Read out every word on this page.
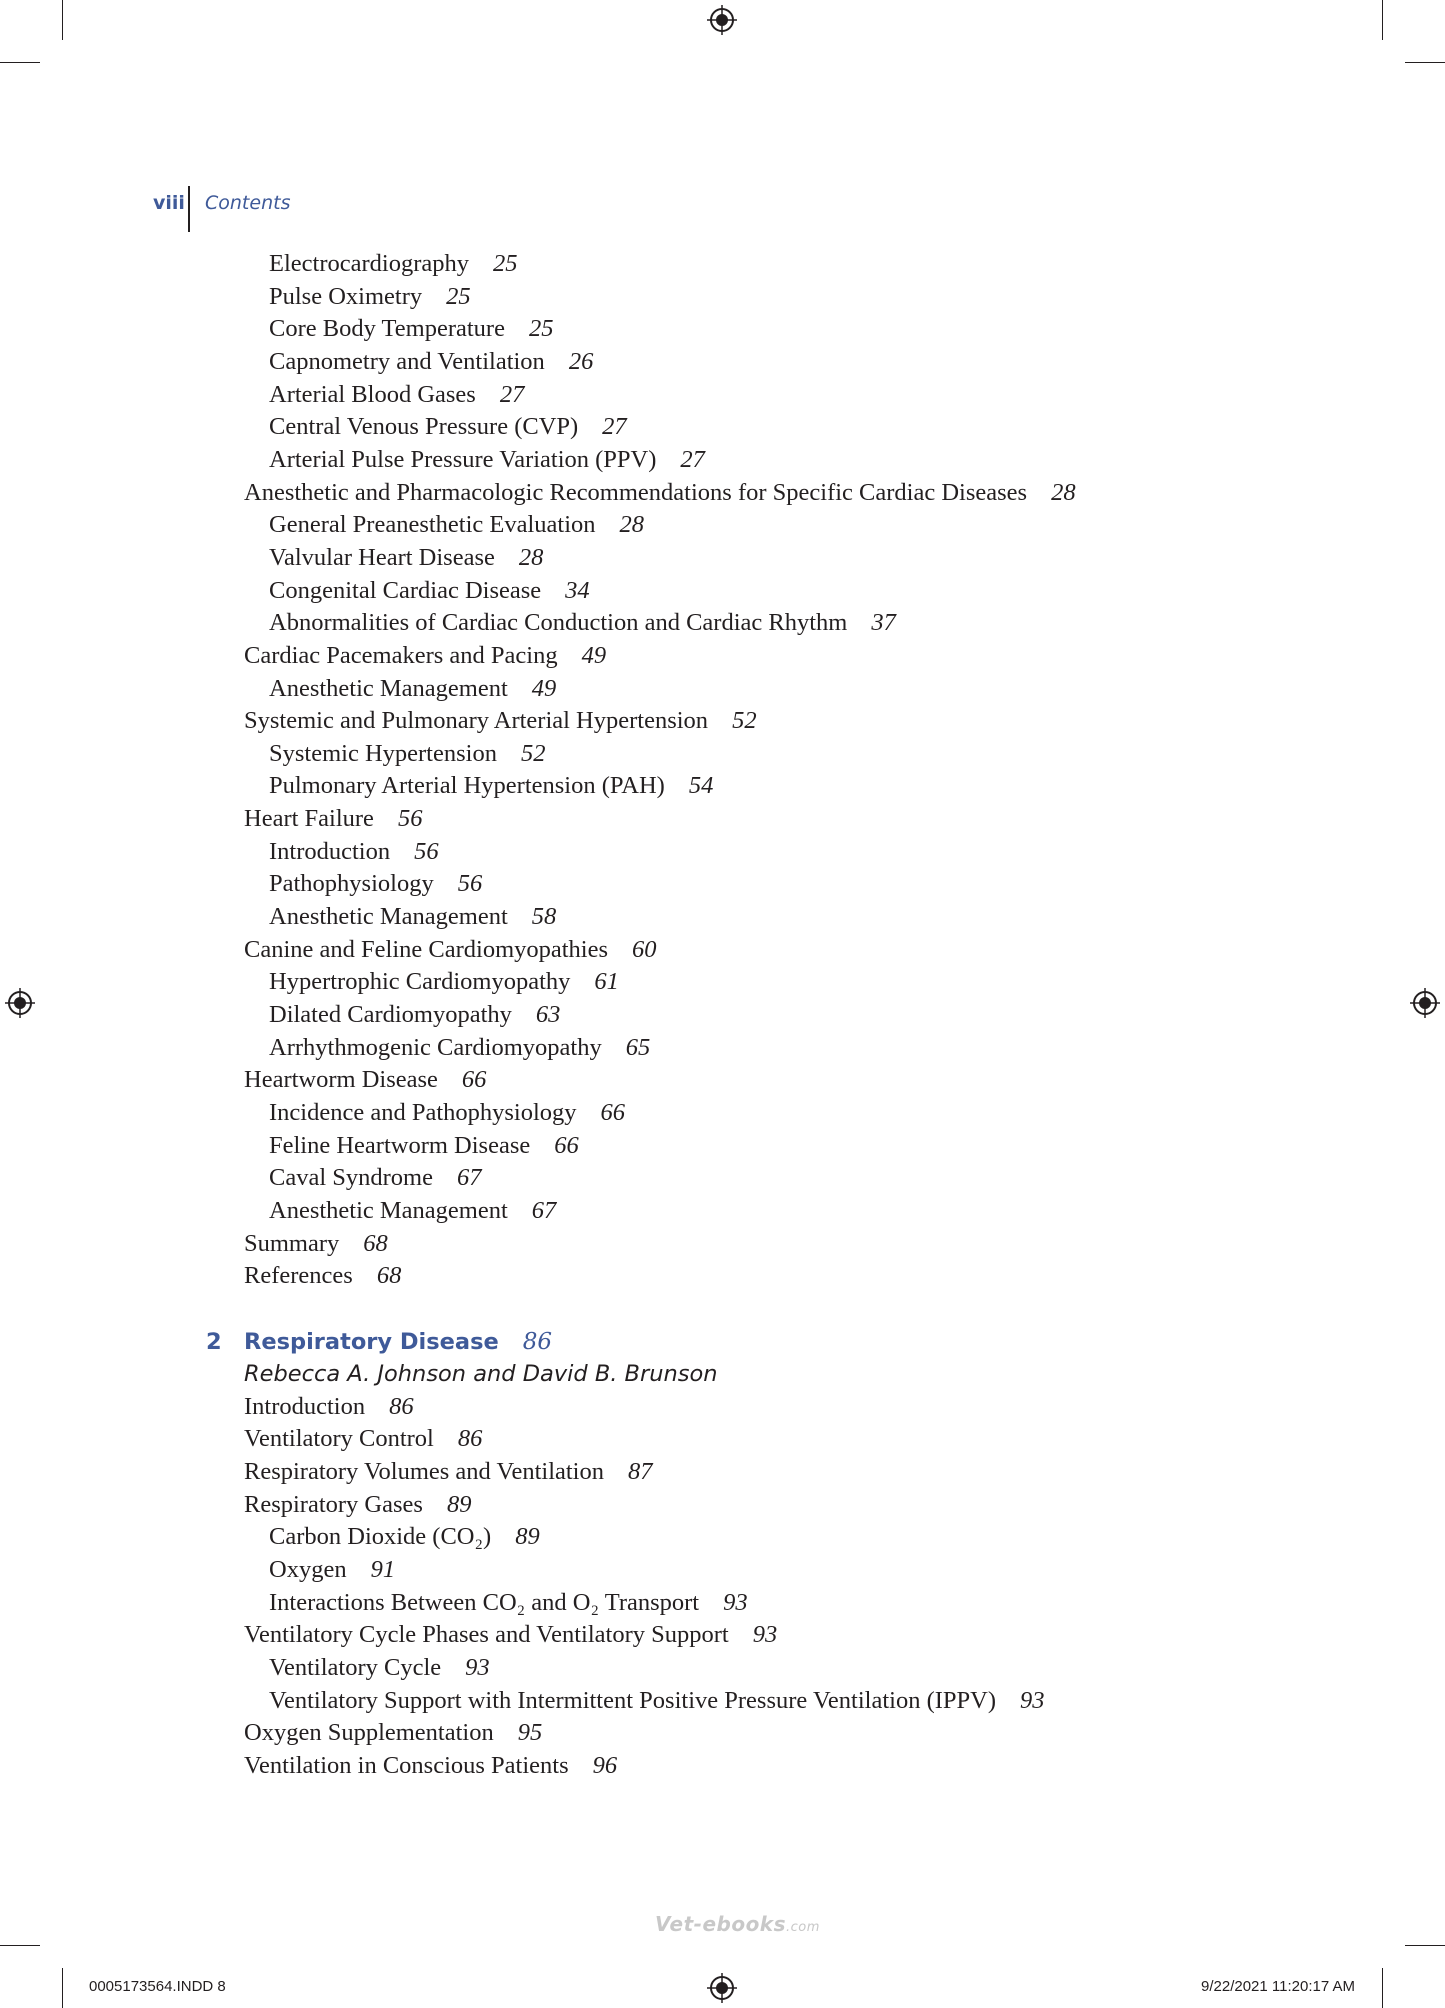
viii Contents
Electrocardiography 25
Pulse Oximetry 25
Core Body Temperature 25
Capnometry and Ventilation 26
Arterial Blood Gases 27
Central Venous Pressure (CVP) 27
Arterial Pulse Pressure Variation (PPV) 27
Anesthetic and Pharmacologic Recommendations for Specific Cardiac Diseases 28
General Preanesthetic Evaluation 28
Valvular Heart Disease 28
Congenital Cardiac Disease 34
Abnormalities of Cardiac Conduction and Cardiac Rhythm 37
Cardiac Pacemakers and Pacing 49
Anesthetic Management 49
Systemic and Pulmonary Arterial Hypertension 52
Systemic Hypertension 52
Pulmonary Arterial Hypertension (PAH) 54
Heart Failure 56
Introduction 56
Pathophysiology 56
Anesthetic Management 58
Canine and Feline Cardiomyopathies 60
Hypertrophic Cardiomyopathy 61
Dilated Cardiomyopathy 63
Arrhythmogenic Cardiomyopathy 65
Heartworm Disease 66
Incidence and Pathophysiology 66
Feline Heartworm Disease 66
Caval Syndrome 67
Anesthetic Management 67
Summary 68
References 68
2 Respiratory Disease 86
Rebecca A. Johnson and David B. Brunson
Introduction 86
Ventilatory Control 86
Respiratory Volumes and Ventilation 87
Respiratory Gases 89
Carbon Dioxide (CO₂) 89
Oxygen 91
Interactions Between CO₂ and O₂ Transport 93
Ventilatory Cycle Phases and Ventilatory Support 93
Ventilatory Cycle 93
Ventilatory Support with Intermittent Positive Pressure Ventilation (IPPV) 93
Oxygen Supplementation 95
Ventilation in Conscious Patients 96
Vet-ebooks.com
0005173564.INDD 8	9/22/2021 11:20:17 AM
